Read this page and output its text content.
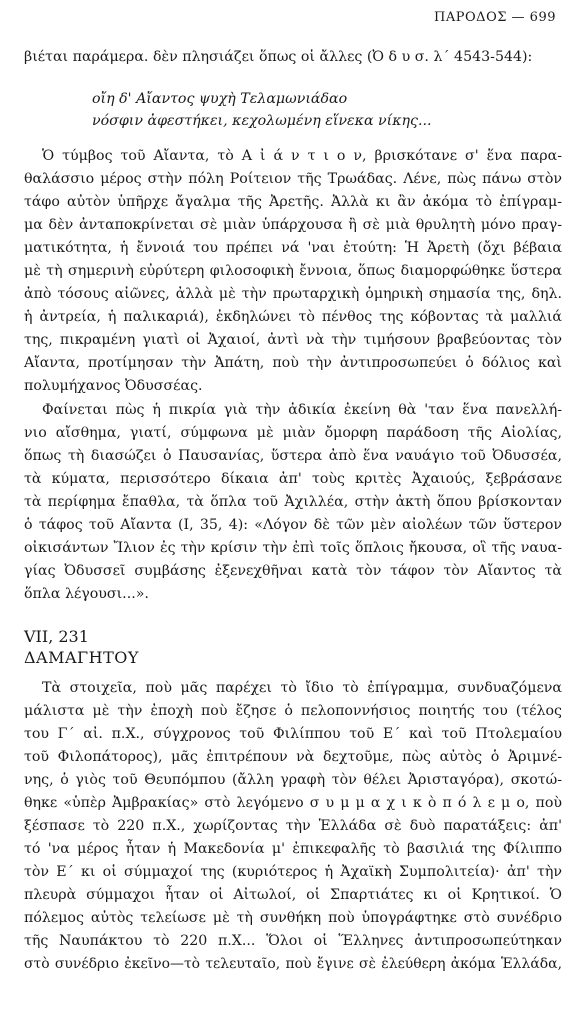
ΠΑΡΟΔΟΣ — 699
βιέται παράμερα. δὲν πλησιάζει ὅπως οἱ ἄλλες (Ὀ δ υ σ. λ΄ 4543-544):
οἴη δ' Αἴαντος ψυχὴ Τελαμωνιάδαο
νόσφιν ἀφεστήκει, κεχολωμένη εἵνεκα νίκης...
Ὁ τύμβος τοῦ Αἴαντα, τὸ Α ἰ ά ν τ ι ο ν, βρισκότανε σ' ἕνα παρα-
θαλάσσιο μέρος στὴν πόλη Ροίτειον τῆς Τρωάδας. Λένε, πὼς πάνω στὸν
τάφο αὐτὸν ὑπῆρχε ἄγαλμα τῆς Ἀρετῆς. Ἀλλὰ κι ἂν ἀκόμα τὸ ἐπίγραμ-
μα δὲν ἀνταποκρίνεται σὲ μιὰν ὑπάρχουσα ἢ σὲ μιὰ θρυλητὴ μόνο πραγ-
ματικότητα, ἡ ἔννοιά του πρέπει νά 'ναι ἐτούτη: Ἡ Ἀρετὴ (ὄχι βέβαια
μὲ τὴ σημερινὴ εὐρύτερη φιλοσοφικὴ ἔννοια, ὅπως διαμορφώθηκε ὕστερα
ἀπὸ τόσους αἰῶνες, ἀλλὰ μὲ τὴν πρωταρχικὴ ὁμηρικὴ σημασία της, δηλ.
ἡ ἀντρεία, ἡ παλικαριά), ἐκδηλώνει τὸ πένθος της κόβοντας τὰ μαλλιά
της, πικραμένη γιατὶ οἱ Ἀχαιοί, ἀντὶ νὰ τὴν τιμήσουν βραβεύοντας τὸν
Αἴαντα, προτίμησαν τὴν Ἀπάτη, ποὺ τὴν ἀντιπροσωπεύει ὁ δόλιος καὶ
πολυμήχανος Ὀδυσσέας.
Φαίνεται πὼς ἡ πικρία γιὰ τὴν ἀδικία ἐκείνη θὰ 'ταν ἕνα πανελλή-
νιο αἴσθημα, γιατί, σύμφωνα μὲ μιὰν ὄμορφη παράδοση τῆς Αἰολίας,
ὅπως τὴ διασώζει ὁ Παυσανίας, ὕστερα ἀπὸ ἕνα ναυάγιο τοῦ Ὀδυσσέα,
τὰ κύματα, περισσότερο δίκαια ἀπ' τοὺς κριτὲς Ἀχαιούς, ξεβράσανε
τὰ περίφημα ἔπαθλα, τὰ ὅπλα τοῦ Ἀχιλλέα, στὴν ἀκτὴ ὅπου βρίσκονταν
ὁ τάφος τοῦ Αἴαντα (I, 35, 4): «Λόγον δὲ τῶν μὲν αἰολέων τῶν ὕστερον
οἰκισάντων Ἴλιον ἐς τὴν κρίσιν τὴν ἐπὶ τοῖς ὅπλοις ἤκουσα, οἳ τῆς ναυα-
γίας Ὀδυσσεῖ συμβάσης ἐξενεχθῆναι κατὰ τὸν τάφον τὸν Αἴαντος τὰ
ὅπλα λέγουσι...».
VII, 231
ΔΑΜΑΓΗΤΟΥ
Τὰ στοιχεῖα, ποὺ μᾶς παρέχει τὸ ἴδιο τὸ ἐπίγραμμα, συνδυαζόμενα
μάλιστα μὲ τὴν ἐποχὴ ποὺ ἔζησε ὁ πελοποννήσιος ποιητής του (τέλος
του Γ΄ αἰ. π.Χ., σύγχρονος τοῦ Φιλίππου τοῦ Ε΄ καὶ τοῦ Πτολεμαίου
τοῦ Φιλοπάτορος), μᾶς ἐπιτρέπουν νὰ δεχτοῦμε, πὼς αὐτὸς ὁ Ἀριμνέ-
νης, ὁ γιὸς τοῦ Θευπόμπου (ἄλλη γραφὴ τὸν θέλει Ἀρισταγόρα), σκοτώ-
θηκε «ὑπὲρ Ἀμβρακίας» στὸ λεγόμενο σ υ μ μ α χ ι κ ὸ π ό λ ε μ ο, ποὺ
ξέσπασε τὸ 220 π.Χ., χωρίζοντας τὴν Ἑλλάδα σὲ δυὸ παρατάξεις: ἀπ'
τό 'να μέρος ἦταν ἡ Μακεδονία μ' ἐπικεφαλῆς τὸ βασιλιά της Φίλιππο
τὸν Ε΄ κι οἱ σύμμαχοί της (κυριότερος ἡ Ἀχαϊκὴ Συμπολιτεία)· ἀπ' τὴν
πλευρὰ σύμμαχοι ἦταν οἱ Αἰτωλοί, οἱ Σπαρτιάτες κι οἱ Κρητικοί. Ὁ
πόλεμος αὐτὸς τελείωσε μὲ τὴ συνθήκη ποὺ ὑπογράφτηκε στὸ συνέδριο
τῆς Ναυπάκτου τὸ 220 π.Χ... Ὅλοι οἱ Ἕλληνες ἀντιπροσωπεύτηκαν
στὸ συνέδριο ἐκεῖνο—τὸ τελευταῖο, ποὺ ἔγινε σὲ ἐλεύθερη ἀκόμα Ἑλλάδα,
